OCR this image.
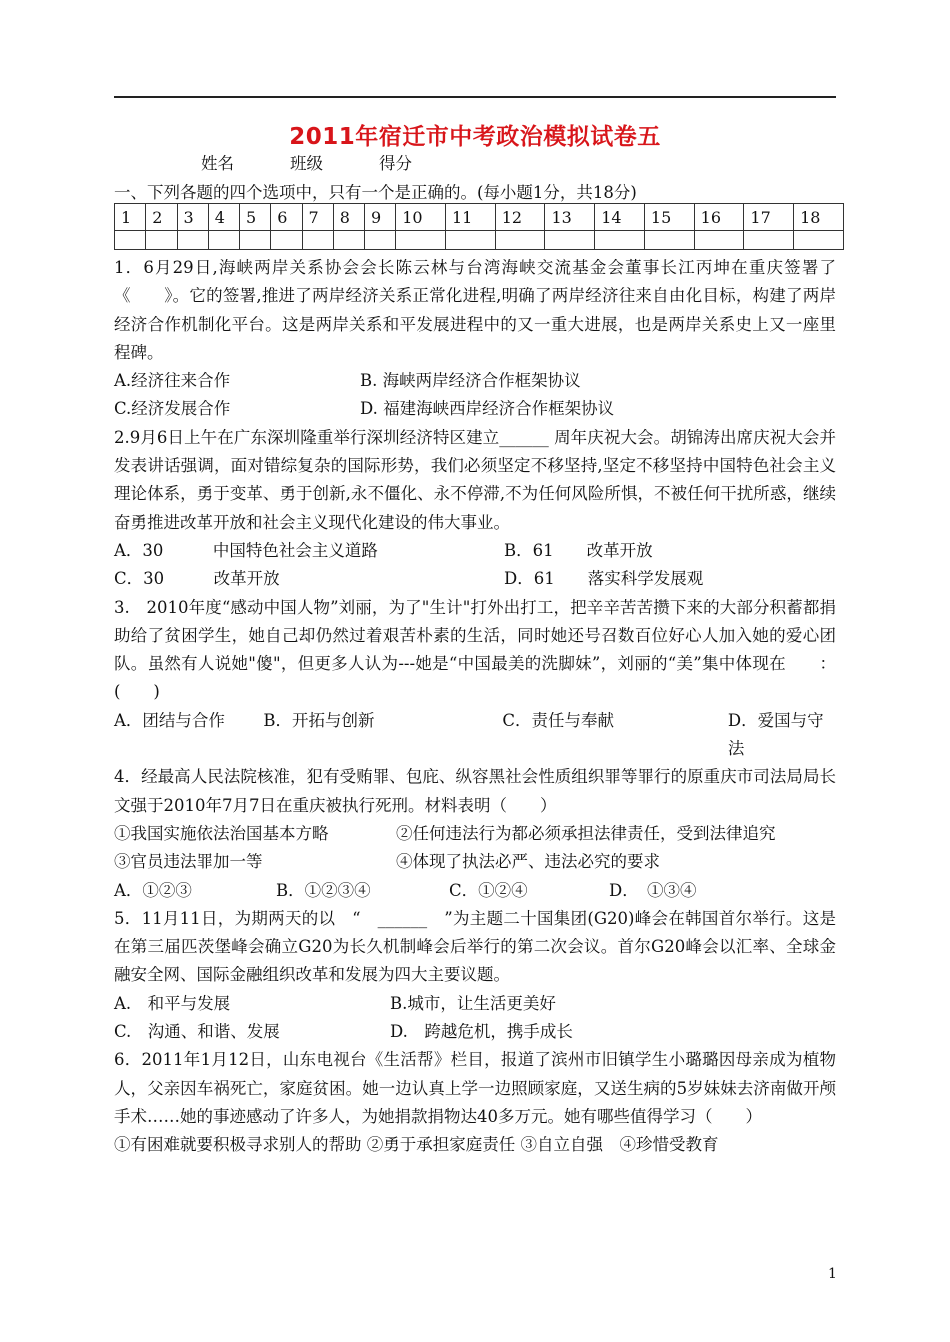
2011年宿迁市中考政治模拟试卷五
姓名	班级	得分
一、下列各题的四个选项中，只有一个是正确的。(每小题1分，共18分)
1	2	3	4	5	6	7	8	9	10	11	12	13	14	15	16	17	18

1．6月29日,海峡两岸关系协会会长陈云林与台湾海峡交流基金会董事长江丙坤在重庆签署了《　　》。它的签署,推进了两岸经济关系正常化进程,明确了两岸经济往来自由化目标，构建了两岸经济合作机制化平台。这是两岸关系和平发展进程中的又一重大进展，也是两岸关系史上又一座里程碑。

A.经济往来合作	B. 海峡两岸经济合作框架协议
C.经济发展合作	D. 福建海峡西岸经济合作框架协议

2.9月6日上午在广东深圳隆重举行深圳经济特区建立______ 周年庆祝大会。胡锦涛出席庆祝大会并发表讲话强调，面对错综复杂的国际形势，我们必须坚定不移坚持,坚定不移坚持中国特色社会主义理论体系，勇于变革、勇于创新,永不僵化、永不停滞,不为任何风险所惧，不被任何干扰所惑，继续奋勇推进改革开放和社会主义现代化建设的伟大事业。

A．30　　　中国特色社会主义道路	B．61　　改革开放
C．30　　　改革开放	D．61　　落实科学发展观

3.　2010年度“感动中国人物”刘丽，为了"生计"打外出打工，把辛辛苦苦攒下来的大部分积蓄都捐助给了贫困学生，她自己却仍然过着艰苦朴素的生活，同时她还号召数百位好心人加入她的爱心团队。虽然有人说她"傻"，但更多人认为---她是“中国最美的洗脚妹”，刘丽的“美”集中体现在　　：(　　)

A．团结与合作	B．开拓与创新	C．责任与奉献	D．爱国与守法

4．经最高人民法院核准，犯有受贿罪、包庇、纵容黑社会性质组织罪等罪行的原重庆市司法局局长文强于2010年7月7日在重庆被执行死刑。材料表明（　　）

①我国实施依法治国基本方略	②任何违法行为都必须承担法律责任，受到法律追究
③官员违法罪加一等	④体现了执法必严、违法必究的要求
A．①②③	B．①②③④	C．①②④	D．　①③④

5．11月11日，为期两天的以　“　______　”为主题二十国集团(G20)峰会在韩国首尔举行。这是在第三届匹茨堡峰会确立G20为长久机制峰会后举行的第二次会议。首尔G20峰会以汇率、全球金融安全网、国际金融组织改革和发展为四大主要议题。

A.　和平与发展	B.城市，让生活更美好
C.　沟通、和谐、发展	D.　跨越危机，携手成长

6．2011年1月12日，山东电视台《生活帮》栏目，报道了滨州市旧镇学生小璐璐因母亲成为植物人，父亲因车祸死亡，家庭贫困。她一边认真上学一边照顾家庭，又送生病的5岁妹妹去济南做开颅手术……她的事迹感动了许多人，为她捐款捐物达40多万元。她有哪些值得学习（　　）

①有困难就要积极寻求别人的帮助 ②勇于承担家庭责任 ③自立自强　④珍惜受教育

1
